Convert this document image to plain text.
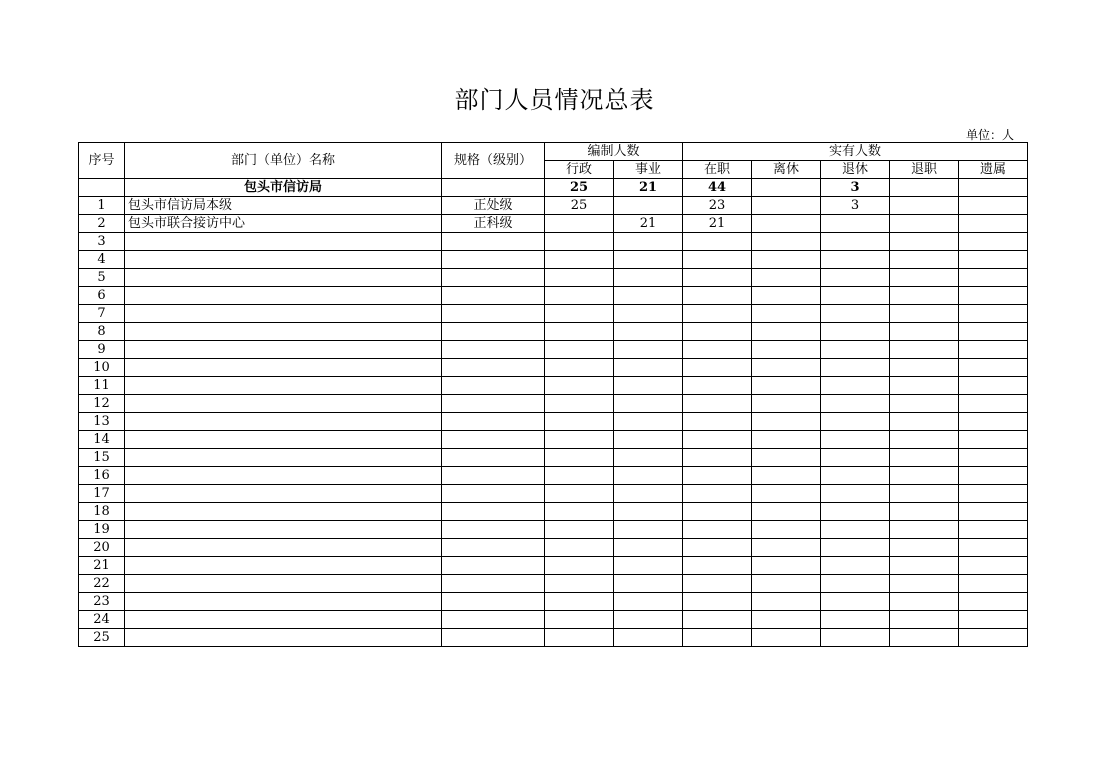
部门人员情况总表
单位：人
序号	部门（单位）名称	规格（级别）	编制人数		实有人数				
			行政	事业	在职	离休	退休	退职	遗属
	包头市信访局		25	21	44		3		
1	包头市信访局本级	正处级	25		23		3		
2	包头市联合接访中心	正科级		21	21				
3									
4									
5									
6									
7									
8									
9									
10									
11									
12									
13									
14									
15									
16									
17									
18									
19									
20									
21									
22									
23									
24									
25									
